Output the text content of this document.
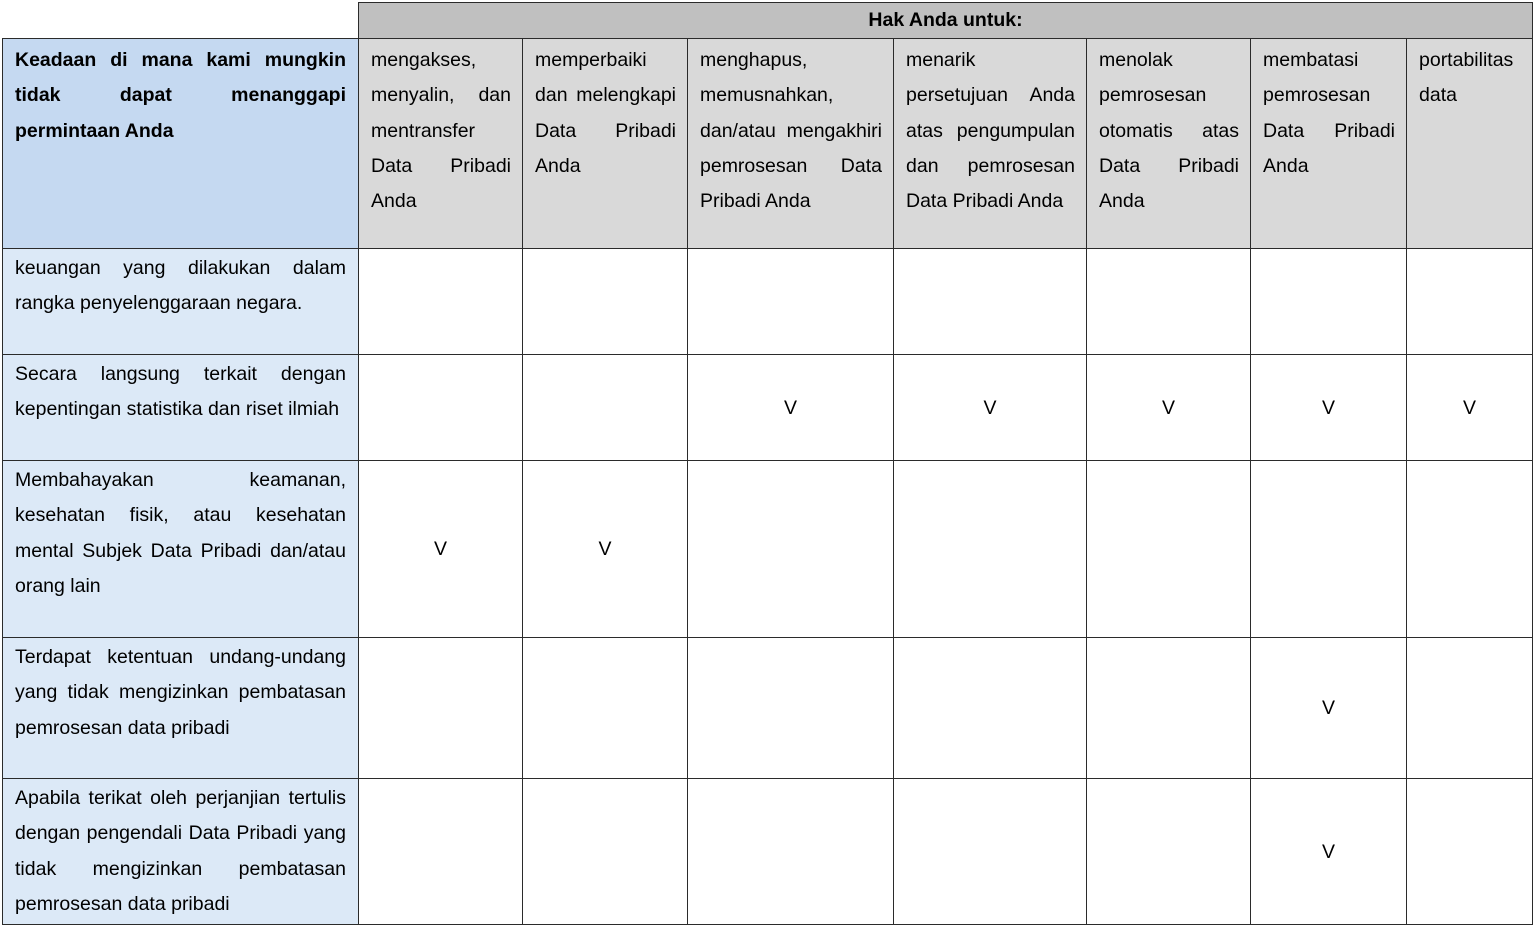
	Hak Anda untuk:						
Keadaan di mana kami mungkin tidak dapat menanggapi permintaan Anda	mengakses, menyalin, dan mentransfer Data Pribadi Anda	memperbaiki dan melengkapi Data Pribadi Anda	menghapus, memusnahkan, dan/atau mengakhiri pemrosesan Data Pribadi Anda	menarik persetujuan Anda atas pengumpulan dan pemrosesan Data Pribadi Anda	menolak pemrosesan otomatis atas Data Pribadi Anda	membatasi pemrosesan Data Pribadi Anda	portabilitas data
keuangan yang dilakukan dalam rangka penyelenggaraan negara.							
Secara langsung terkait dengan kepentingan statistika dan riset ilmiah			V	V	V	V	V
Membahayakan keamanan, kesehatan fisik, atau kesehatan mental Subjek Data Pribadi dan/atau orang lain	V	V					
Terdapat ketentuan undang-undang yang tidak mengizinkan pembatasan pemrosesan data pribadi						V	
Apabila terikat oleh perjanjian tertulis dengan pengendali Data Pribadi yang tidak mengizinkan pembatasan pemrosesan data pribadi						V	
